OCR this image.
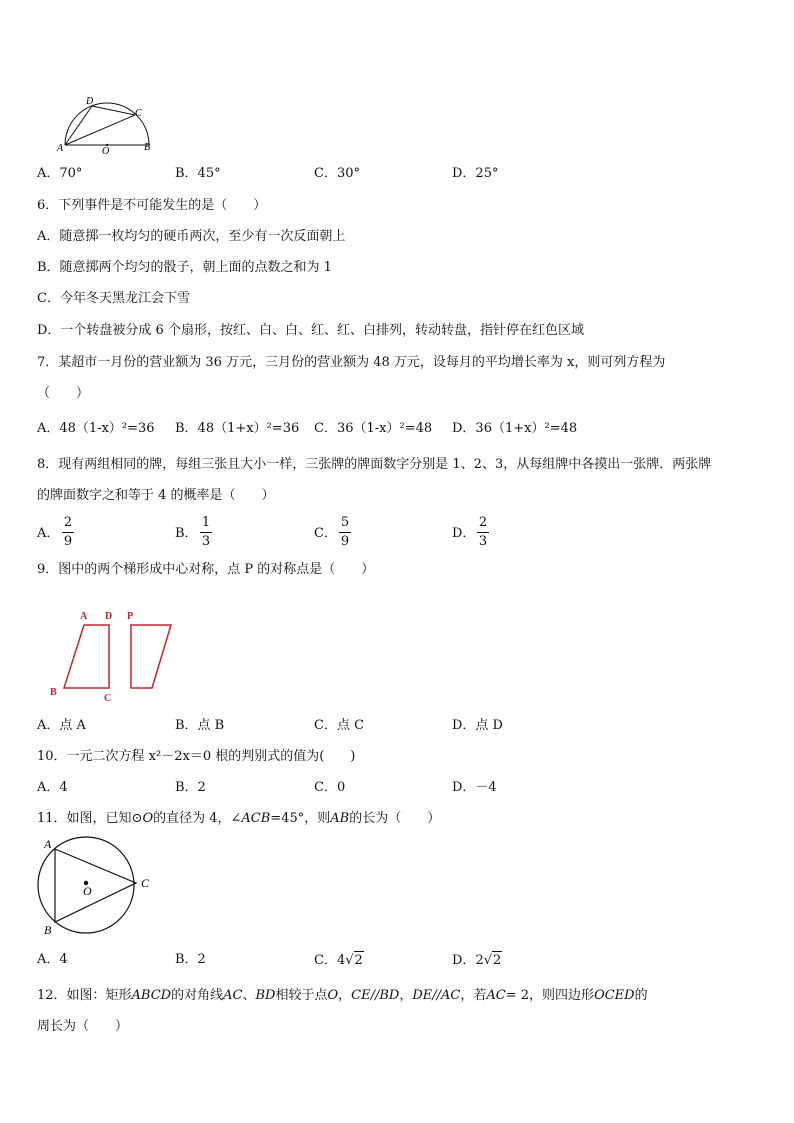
D
C
A	O	B
A．70°	B．45°	C．30°	D．25°
6．下列事件是不可能发生的是（　　）
A．随意掷一枚均匀的硬币两次，至少有一次反面朝上
B．随意掷两个均匀的骰子，朝上面的点数之和为 1
C．今年冬天黑龙江会下雪
D．一个转盘被分成 6 个扇形，按红、白、白、红、红、白排列，转动转盘，指针停在红色区域
7．某超市一月份的营业额为 36 万元，三月份的营业额为 48 万元，设每月的平均增长率为 x，则可列方程为
（　　）
A．48（1-x）²=36 B．48（1+x）²=36 C．36（1-x）²=48 D．36（1+x）²=48
8．现有两组相同的牌，每组三张且大小一样，三张牌的牌面数字分别是 1、2、3，从每组牌中各摸出一张牌．两张牌
的牌面数字之和等于 4 的概率是（　　）
A．
2
9
B．
1
3
C．
5
9
D．
2
3
9．图中的两个梯形成中心对称，点 P 的对称点是（　　）
A D P
B
C
A．点 A	B．点 B	C．点 C	D．点 D
10．一元二次方程 x²－2x＝0 根的判别式的值为(　　)
A．4	B．2	C．0	D．－4
11．如图，已知⊙O的直径为 4，∠ACB=45°，则AB的长为（　　）
A
O
C
B
A．4	B．2	C．4√2	D．2√2
12．如图：矩形ABCD的对角线AC、BD相较于点O，CE//BD，DE//AC，若AC= 2，则四边形OCED的
周长为（　　）
